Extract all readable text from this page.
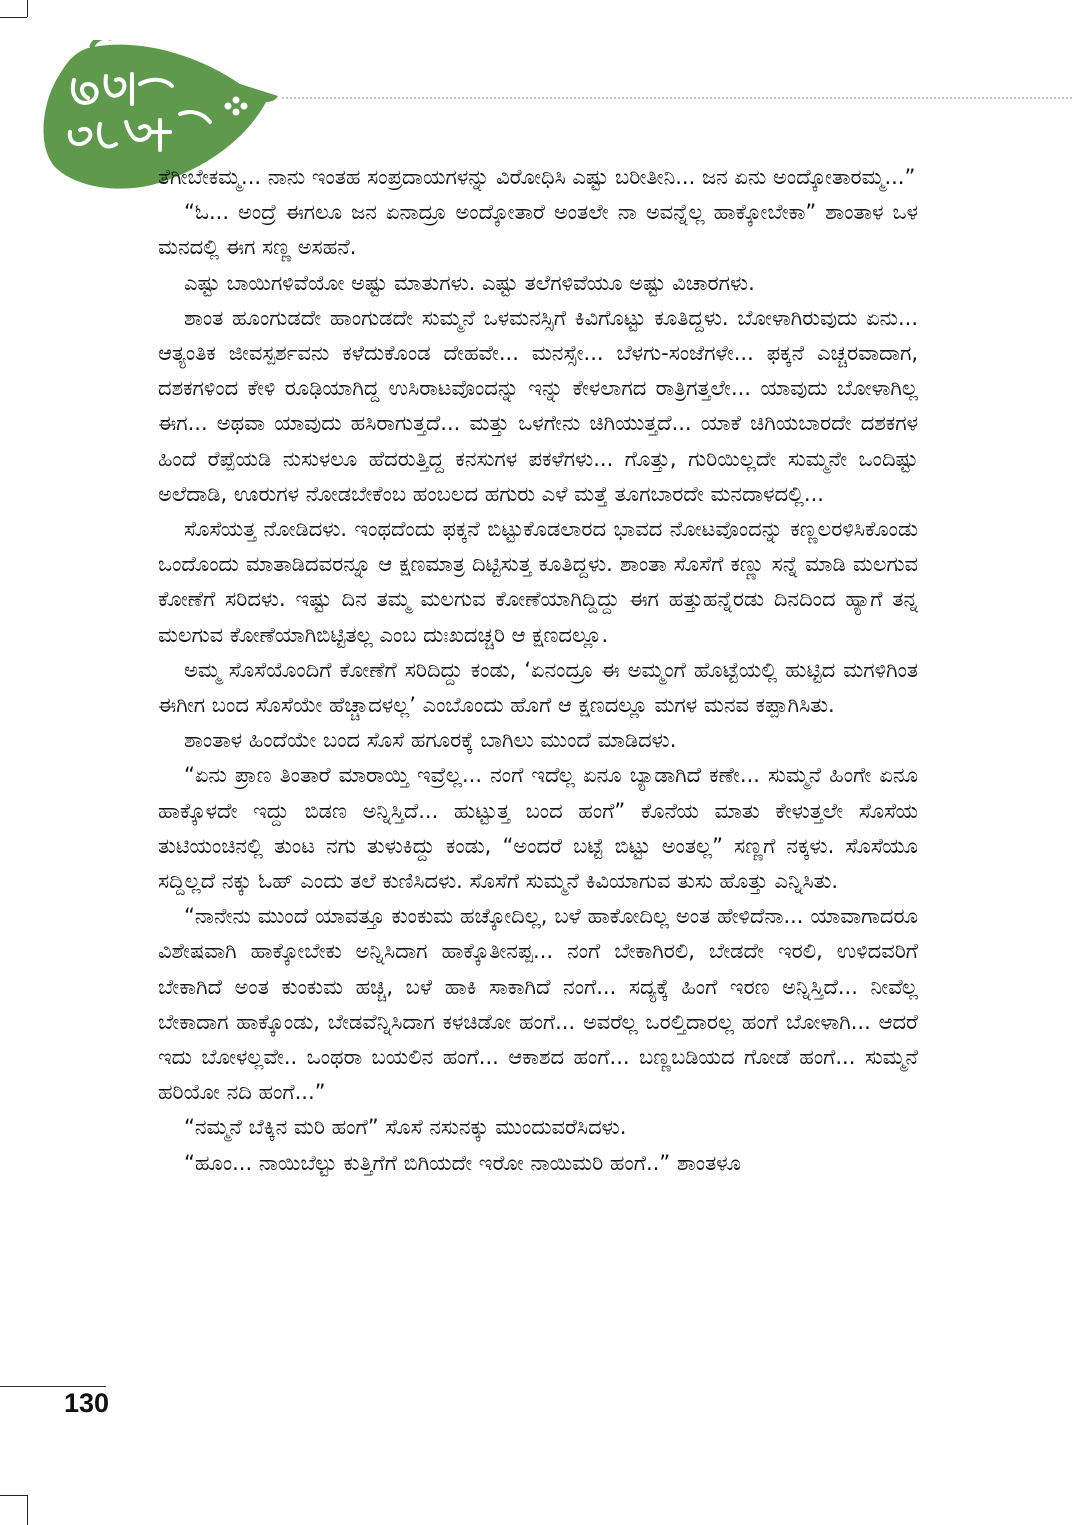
ತೆಗೀಬೇಕಮ್ಮ... ನಾನು ಇಂತಹ ಸಂಪ್ರದಾಯಗಳನ್ನು ವಿರೋಧಿಸಿ ಎಷ್ಟು ಬರೀತೀನಿ... ಜನ ಏನು ಅಂದ್ಕೋತಾರಮ್ಮ...”

“ಓ... ಅಂದ್ರೆ ಈಗಲೂ ಜನ ಏನಾದ್ರೂ ಅಂದ್ಕೋತಾರೆ ಅಂತಲೇ ನಾ ಅವನ್ನೆಲ್ಲ ಹಾಕ್ಕೋಬೇಕಾ” ಶಾಂತಾಳ ಒಳ ಮನದಲ್ಲಿ ಈಗ ಸಣ್ಣ ಅಸಹನೆ.

ಎಷ್ಟು ಬಾಯಿಗಳಿವೆಯೋ ಅಷ್ಟು ಮಾತುಗಳು. ಎಷ್ಟು ತಲೆಗಳಿವೆಯೂ ಅಷ್ಟು ವಿಚಾರಗಳು.

ಶಾಂತ ಹೂಂಗುಡದೇ ಹಾಂಗುಡದೇ ಸುಮ್ಮನೆ ಒಳಮನಸ್ಸಿಗೆ ಕಿವಿಗೊಟ್ಟು ಕೂತಿದ್ದಳು. ಬೋಳಾಗಿರುವುದು ಏನು... ಆತ್ಯಂತಿಕ ಜೀವಸ್ಪರ್ಶವನು ಕಳೆದುಕೊಂಡ ದೇಹವೇ... ಮನಸ್ಸೇ... ಬೆಳಗು-ಸಂಜೆಗಳೇ... ಫಕ್ಕನೆ ಎಚ್ಚರವಾದಾಗ, ದಶಕಗಳಿಂದ ಕೇಳಿ ರೂಢಿಯಾಗಿದ್ದ ಉಸಿರಾಟವೊಂದನ್ನು ಇನ್ನು ಕೇಳಲಾಗದ ರಾತ್ರಿಗತ್ತಲೇ... ಯಾವುದು ಬೋಳಾಗಿಲ್ಲ ಈಗ... ಅಥವಾ ಯಾವುದು ಹಸಿರಾಗುತ್ತದೆ... ಮತ್ತು ಒಳಗೇನು ಚಿಗಿಯುತ್ತದೆ... ಯಾಕೆ ಚಿಗಿಯಬಾರದೇ ದಶಕಗಳ ಹಿಂದೆ ರೆಪ್ಪೆಯಡಿ ನುಸುಳಲೂ ಹೆದರುತ್ತಿದ್ದ ಕನಸುಗಳ ಪಕಳೆಗಳು... ಗೊತ್ತು, ಗುರಿಯಿಲ್ಲದೇ ಸುಮ್ಮನೇ ಒಂದಿಷ್ಟು ಅಲೆದಾಡಿ, ಊರುಗಳ ನೋಡಬೇಕೆಂಬ ಹಂಬಲದ ಹಗುರು ಎಳೆ ಮತ್ತೆ ತೂಗಬಾರದೇ ಮನದಾಳದಲ್ಲಿ...

ಸೊಸೆಯತ್ತ ನೋಡಿದಳು. ಇಂಥದೆಂದು ಫಕ್ಕನೆ ಬಿಟ್ಟುಕೊಡಲಾರದ ಭಾವದ ನೋಟವೊಂದನ್ನು ಕಣ್ಣಲರಳಿಸಿಕೊಂಡು ಒಂದೊಂದು ಮಾತಾಡಿದವರನ್ನೂ ಆ ಕ್ಷಣಮಾತ್ರ ದಿಟ್ಟಿಸುತ್ತ ಕೂತಿದ್ದಳು. ಶಾಂತಾ ಸೊಸೆಗೆ ಕಣ್ಣು ಸನ್ನೆ ಮಾಡಿ ಮಲಗುವ ಕೋಣೆಗೆ ಸರಿದಳು. ಇಷ್ಟು ದಿನ ತಮ್ಮ ಮಲಗುವ ಕೋಣೆಯಾಗಿದ್ದಿದ್ದು ಈಗ ಹತ್ತುಹನ್ನೆರಡು ದಿನದಿಂದ ಹ್ಯಾಗೆ ತನ್ನ ಮಲಗುವ ಕೋಣೆಯಾಗಿಬಿಟ್ಟಿತಲ್ಲ ಎಂಬ ದುಃಖದಚ್ಚರಿ ಆ ಕ್ಷಣದಲ್ಲೂ.

ಅಮ್ಮ ಸೊಸೆಯೊಂದಿಗೆ ಕೋಣೆಗೆ ಸರಿದಿದ್ದು ಕಂಡು, ‘ಏನಂದ್ರೂ ಈ ಅಮ್ಮಂಗೆ ಹೊಟ್ಟೆಯಲ್ಲಿ ಹುಟ್ಟಿದ ಮಗಳಿಗಿಂತ ಈಗೀಗ ಬಂದ ಸೊಸೆಯೇ ಹೆಚ್ಚಾದಳಲ್ಲ’ ಎಂಬೊಂದು ಹೊಗೆ ಆ ಕ್ಷಣದಲ್ಲೂ ಮಗಳ ಮನವ ಕಪ್ಪಾಗಿಸಿತು.

ಶಾಂತಾಳ ಹಿಂದೆಯೇ ಬಂದ ಸೊಸೆ ಹಗೂರಕ್ಕೆ ಬಾಗಿಲು ಮುಂದೆ ಮಾಡಿದಳು.

“ಏನು ಪ್ರಾಣ ತಿಂತಾರೆ ಮಾರಾಯ್ತಿ ಇವ್ರೆಲ್ಲ... ನಂಗೆ ಇದೆಲ್ಲ ಏನೂ ಬ್ಯಾಡಾಗಿದೆ ಕಣೇ... ಸುಮ್ಮನೆ ಹಿಂಗೇ ಏನೂ ಹಾಕ್ಕೊಳದೇ ಇದ್ದು ಬಿಡಣ ಅನ್ನಿಸ್ತಿದೆ... ಹುಟ್ಟುತ್ತ ಬಂದ ಹಂಗೆ” ಕೊನೆಯ ಮಾತು ಕೇಳುತ್ತಲೇ ಸೊಸೆಯ ತುಟಿಯಂಚಿನಲ್ಲಿ ತುಂಟ ನಗು ತುಳುಕಿದ್ದು ಕಂಡು, “ಅಂದರೆ ಬಟ್ಟೆ ಬಿಟ್ಟು ಅಂತಲ್ಲ” ಸಣ್ಣಗೆ ನಕ್ಕಳು. ಸೊಸೆಯೂ ಸದ್ದಿಲ್ಲದೆ ನಕ್ಕು ಓಹ್ ಎಂದು ತಲೆ ಕುಣಿಸಿದಳು. ಸೊಸೆಗೆ ಸುಮ್ಮನೆ ಕಿವಿಯಾಗುವ ತುಸು ಹೊತ್ತು ಎನ್ನಿಸಿತು.

“ನಾನೇನು ಮುಂದೆ ಯಾವತ್ತೂ ಕುಂಕುಮ ಹಚ್ಕೋದಿಲ್ಲ, ಬಳೆ ಹಾಕೋದಿಲ್ಲ ಅಂತ ಹೇಳಿದೆನಾ... ಯಾವಾಗಾದರೂ ವಿಶೇಷವಾಗಿ ಹಾಕ್ಕೋಬೇಕು ಅನ್ನಿಸಿದಾಗ ಹಾಕ್ಕೊತೀನಪ್ಪ... ನಂಗೆ ಬೇಕಾಗಿರಲಿ, ಬೇಡದೇ ಇರಲಿ, ಉಳಿದವರಿಗೆ ಬೇಕಾಗಿದೆ ಅಂತ ಕುಂಕುಮ ಹಚ್ಚಿ, ಬಳೆ ಹಾಕಿ ಸಾಕಾಗಿದೆ ನಂಗೆ... ಸದ್ಯಕ್ಕೆ ಹಿಂಗೆ ಇರಣ ಅನ್ನಿಸ್ತಿದೆ... ನೀವೆಲ್ಲ ಬೇಕಾದಾಗ ಹಾಕ್ಕೊಂಡು, ಬೇಡವೆನ್ನಿಸಿದಾಗ ಕಳಚಿಡೋ ಹಂಗೆ... ಅವರೆಲ್ಲ ಒರಲ್ತಿದಾರಲ್ಲ ಹಂಗೆ ಬೋಳಾಗಿ... ಆದರೆ ಇದು ಬೋಳಲ್ಲವೇ.. ಒಂಥರಾ ಬಯಲಿನ ಹಂಗೆ... ಆಕಾಶದ ಹಂಗೆ... ಬಣ್ಣಬಡಿಯದ ಗೋಡೆ ಹಂಗೆ... ಸುಮ್ಮನೆ ಹರಿಯೋ ನದಿ ಹಂಗೆ...”

“ನಮ್ಮನೆ ಬೆಕ್ಕಿನ ಮರಿ ಹಂಗೆ” ಸೊಸೆ ನಸುನಕ್ಕು ಮುಂದುವರೆಸಿದಳು.

“ಹೂಂ... ನಾಯಿಬೆಲ್ಟು ಕುತ್ತಿಗೆಗೆ ಬಿಗಿಯದೇ ಇರೋ ನಾಯಿಮರಿ ಹಂಗೆ..” ಶಾಂತಳೂ

130
